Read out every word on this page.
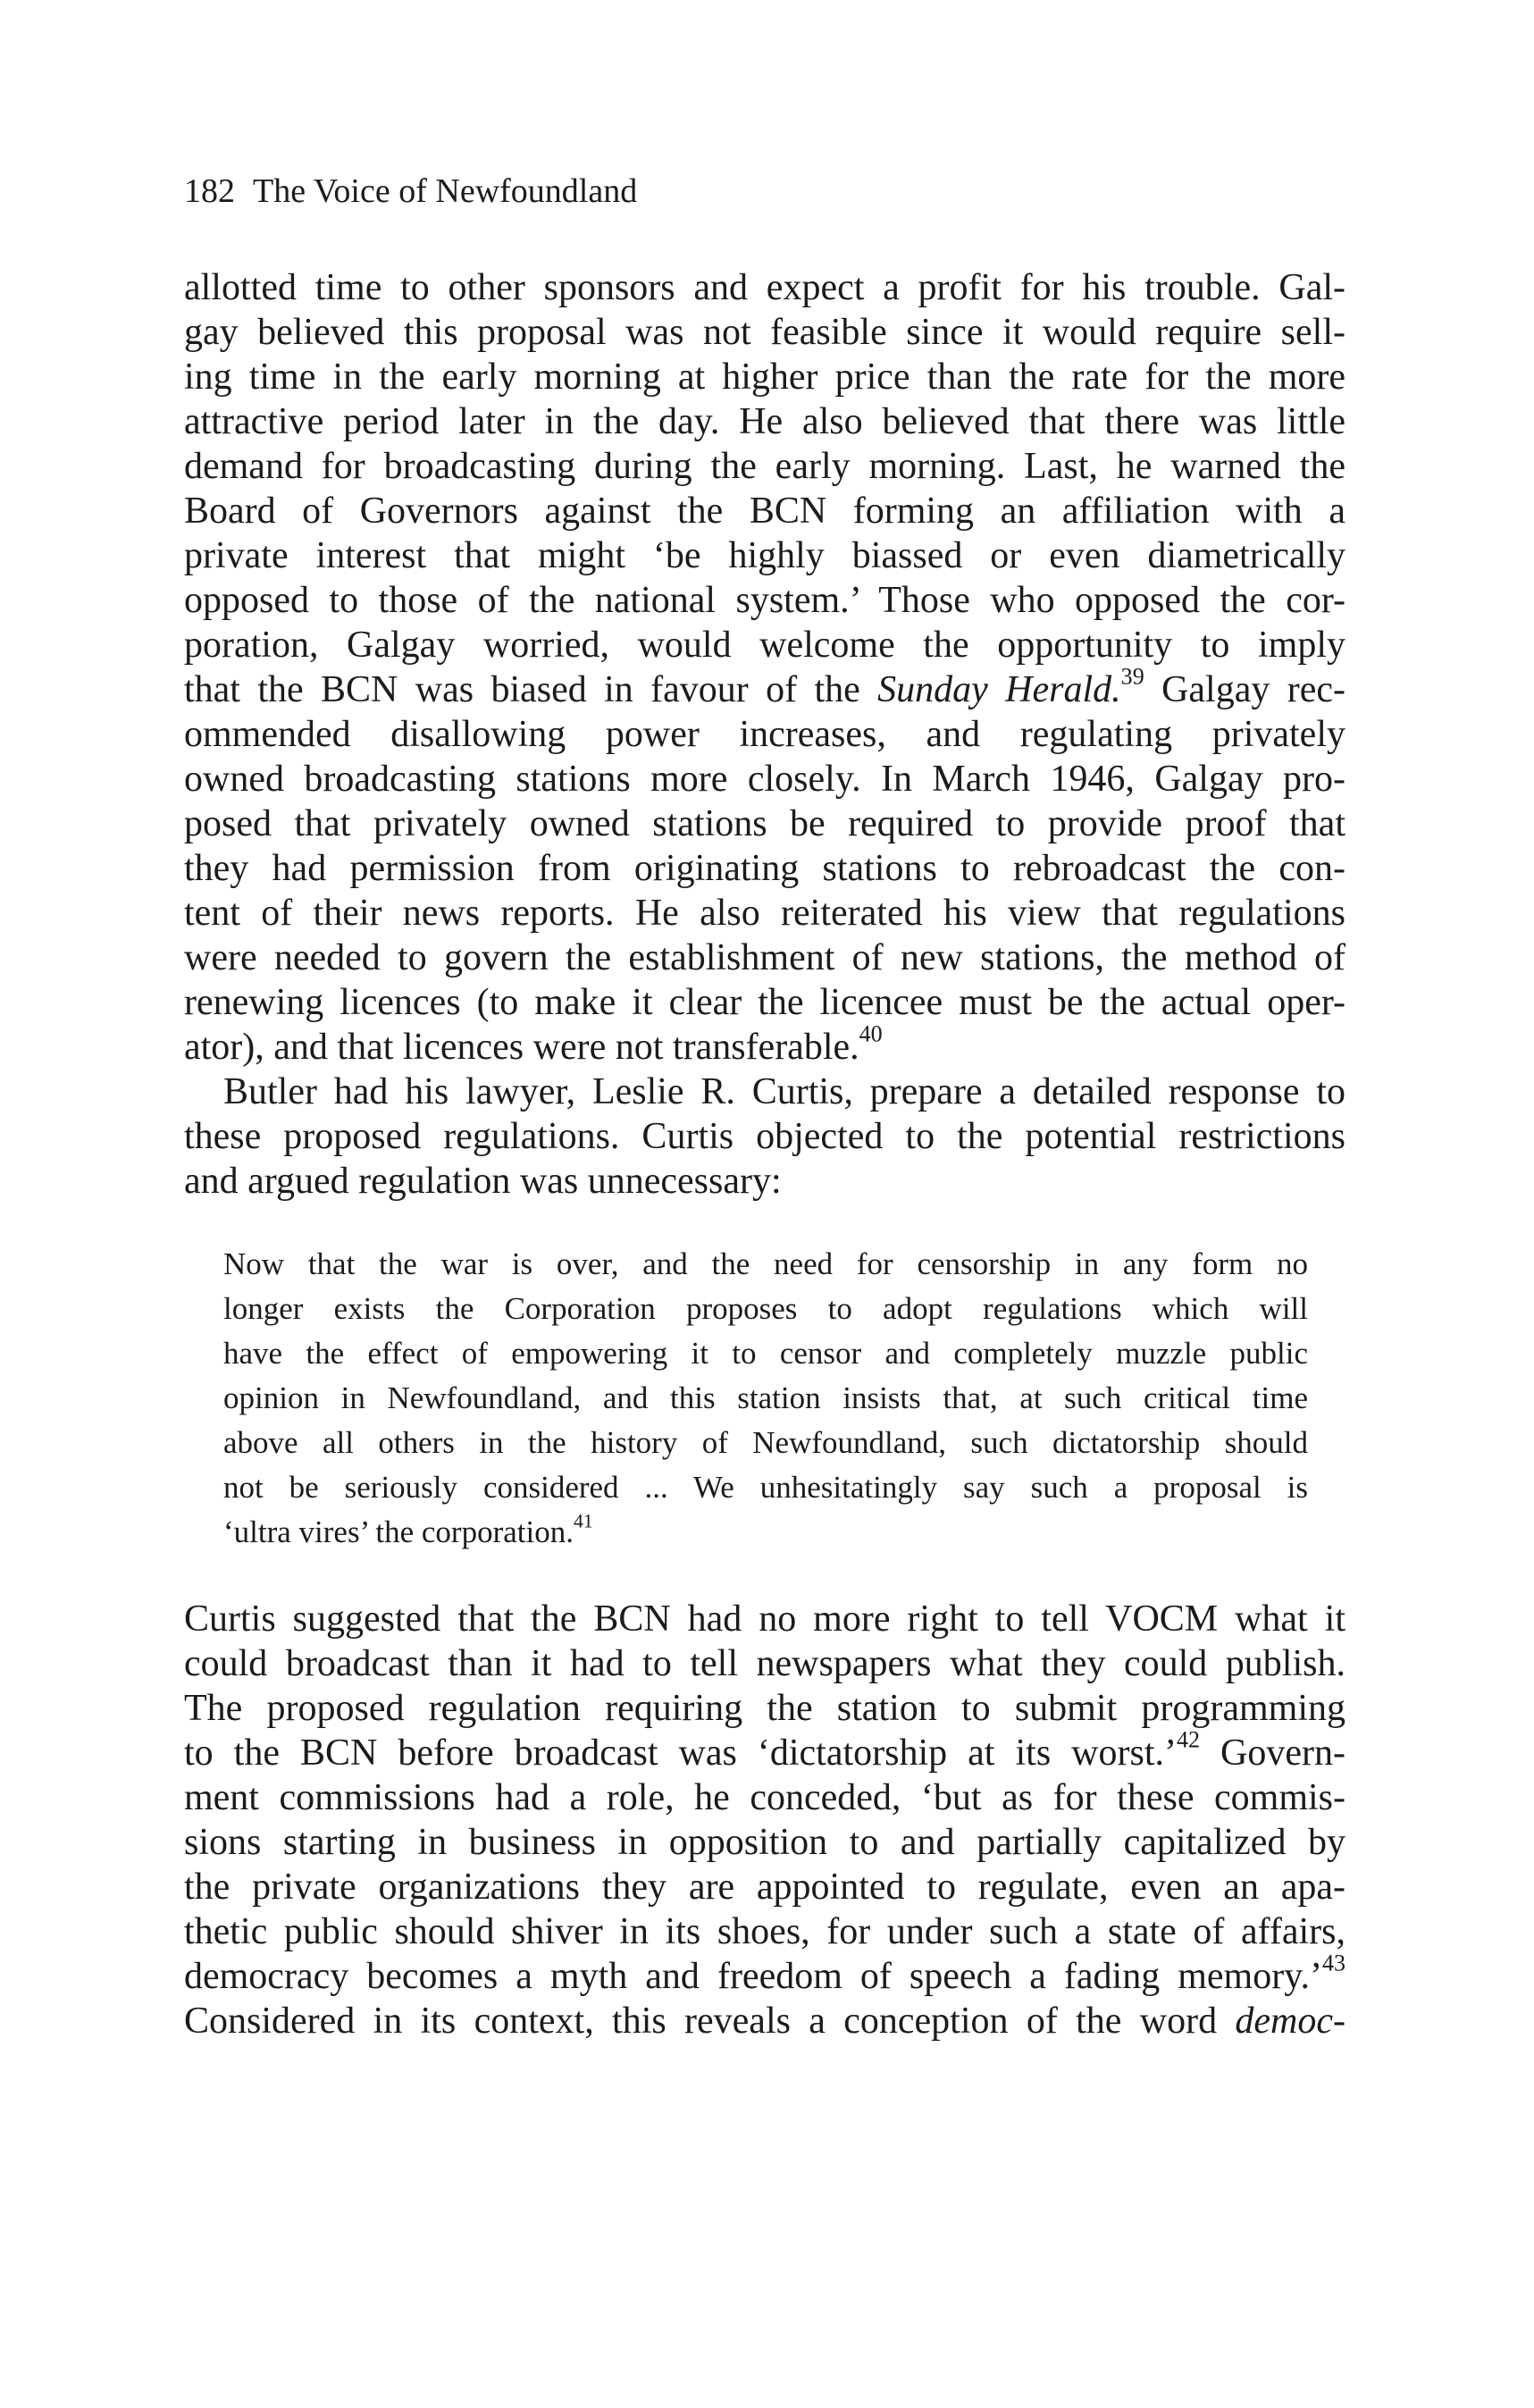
182 The Voice of Newfoundland
allotted time to other sponsors and expect a profit for his trouble. Gal-
gay believed this proposal was not feasible since it would require sell-
ing time in the early morning at higher price than the rate for the more
attractive period later in the day. He also believed that there was little
demand for broadcasting during the early morning. Last, he warned the
Board of Governors against the BCN forming an affiliation with a
private interest that might ‘be highly biassed or even diametrically
opposed to those of the national system.’ Those who opposed the cor-
poration, Galgay worried, would welcome the opportunity to imply
that the BCN was biased in favour of the Sunday Herald.$^{39}$ Galgay rec-
ommended disallowing power increases, and regulating privately
owned broadcasting stations more closely. In March 1946, Galgay pro-
posed that privately owned stations be required to provide proof that
they had permission from originating stations to rebroadcast the con-
tent of their news reports. He also reiterated his view that regulations
were needed to govern the establishment of new stations, the method of
renewing licences (to make it clear the licencee must be the actual oper-
ator), and that licences were not transferable.$^{40}$
Butler had his lawyer, Leslie R. Curtis, prepare a detailed response to
these proposed regulations. Curtis objected to the potential restrictions
and argued regulation was unnecessary:
Now that the war is over, and the need for censorship in any form no
longer exists the Corporation proposes to adopt regulations which will
have the effect of empowering it to censor and completely muzzle public
opinion in Newfoundland, and this station insists that, at such critical time
above all others in the history of Newfoundland, such dictatorship should
not be seriously considered ... We unhesitatingly say such a proposal is
‘ultra vires’ the corporation.$^{41}$
Curtis suggested that the BCN had no more right to tell VOCM what it
could broadcast than it had to tell newspapers what they could publish.
The proposed regulation requiring the station to submit programming
to the BCN before broadcast was ‘dictatorship at its worst.’$^{42}$ Govern-
ment commissions had a role, he conceded, ‘but as for these commis-
sions starting in business in opposition to and partially capitalized by
the private organizations they are appointed to regulate, even an apa-
thetic public should shiver in its shoes, for under such a state of affairs,
democracy becomes a myth and freedom of speech a fading memory.’$^{43}$
Considered in its context, this reveals a conception of the word democ-
